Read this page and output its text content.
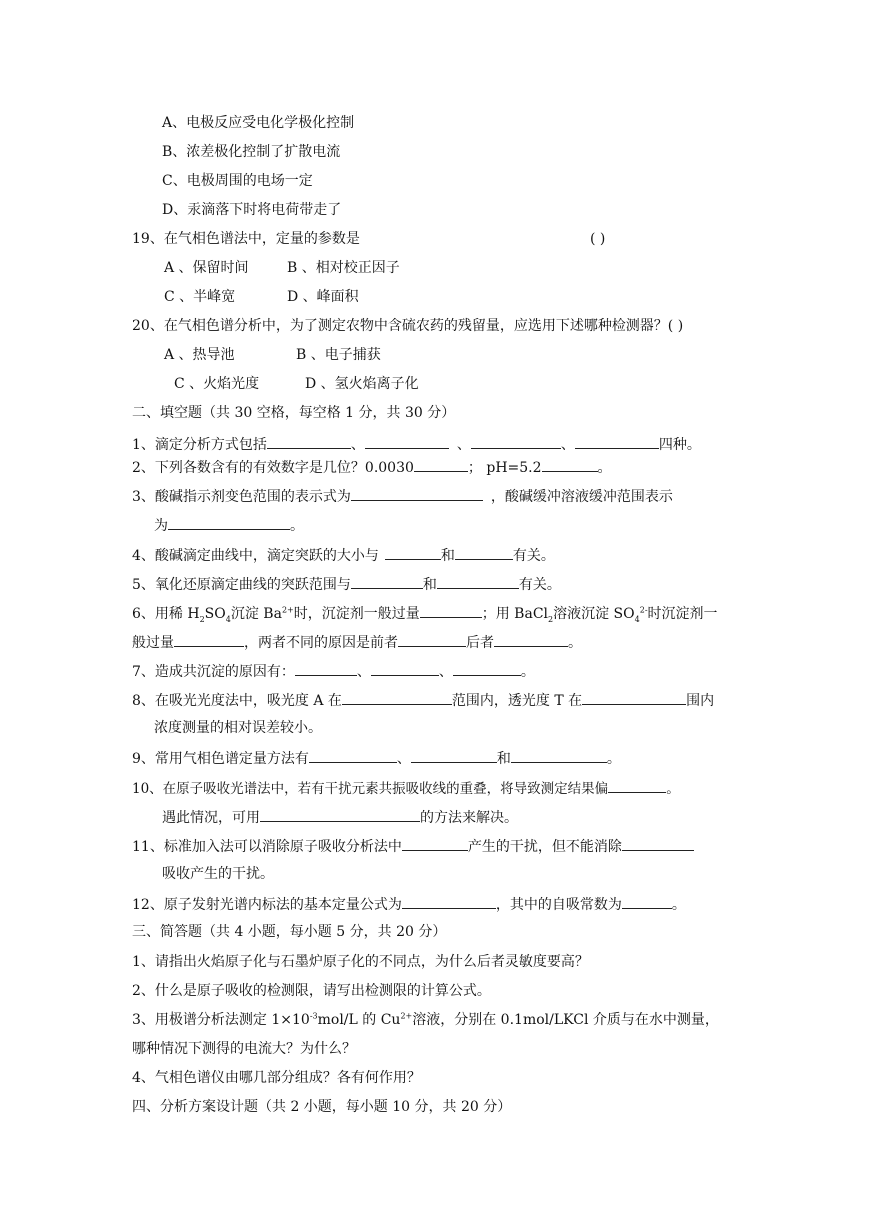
A、电极反应受电化学极化控制
B、浓差极化控制了扩散电流
C、电极周围的电场一定
D、汞滴落下时将电荷带走了
19、在气相色谱法中，定量的参数是	( )
A 、保留时间	B 、相对校正因子
C 、半峰宽	D 、峰面积
20、在气相色谱分析中，为了测定农物中含硫农药的残留量，应选用下述哪种检测器？( )
A 、热导池	B 、电子捕获
C 、火焰光度	D 、氢火焰离子化
二、填空题（共 30 空格，每空格 1 分，共 30 分）
1、滴定分析方式包括	、	、	、	四种。
2、下列各数含有的有效数字是几位？0.0030	； pH=5.2	。
3、酸碱指示剂变色范围的表示式为	，酸碱缓冲溶液缓冲范围表示
为	。
4、酸碱滴定曲线中，滴定突跃的大小与	和	有关。
5、氧化还原滴定曲线的突跃范围与	和	有关。
6、用稀 $H_2SO_4$沉淀 $Ba^{2+}$时，沉淀剂一般过量	；用 BaCl$_2$溶液沉淀 $SO_4^{2-}$时沉淀剂一
般过量	，两者不同的原因是前者	后者	。
7、造成共沉淀的原因有：	、	、	。
8、在吸光光度法中，吸光度 A 在	范围内，透光度 T 在	围内
浓度测量的相对误差较小。
9、常用气相色谱定量方法有	、	和	。
10、在原子吸收光谱法中，若有干扰元素共振吸收线的重叠，将导致测定结果偏	。
遇此情况，可用	的方法来解决。
11、标准加入法可以消除原子吸收分析法中	产生的干扰，但不能消除
吸收产生的干扰。
12、原子发射光谱内标法的基本定量公式为	，其中的自吸常数为	。
三、简答题（共 4 小题，每小题 5 分，共 20 分）
1、请指出火焰原子化与石墨炉原子化的不同点，为什么后者灵敏度要高？
2、什么是原子吸收的检测限，请写出检测限的计算公式。
3、用极谱分析法测定 $1\times 10^{-3}mol/L$ 的 $Cu^{2+}$溶液，分别在 0.1mol/LKCl 介质与在水中测量，
哪种情况下测得的电流大？为什么？
4、气相色谱仪由哪几部分组成？各有何作用？
四、分析方案设计题（共 2 小题，每小题 10 分，共 20 分）
